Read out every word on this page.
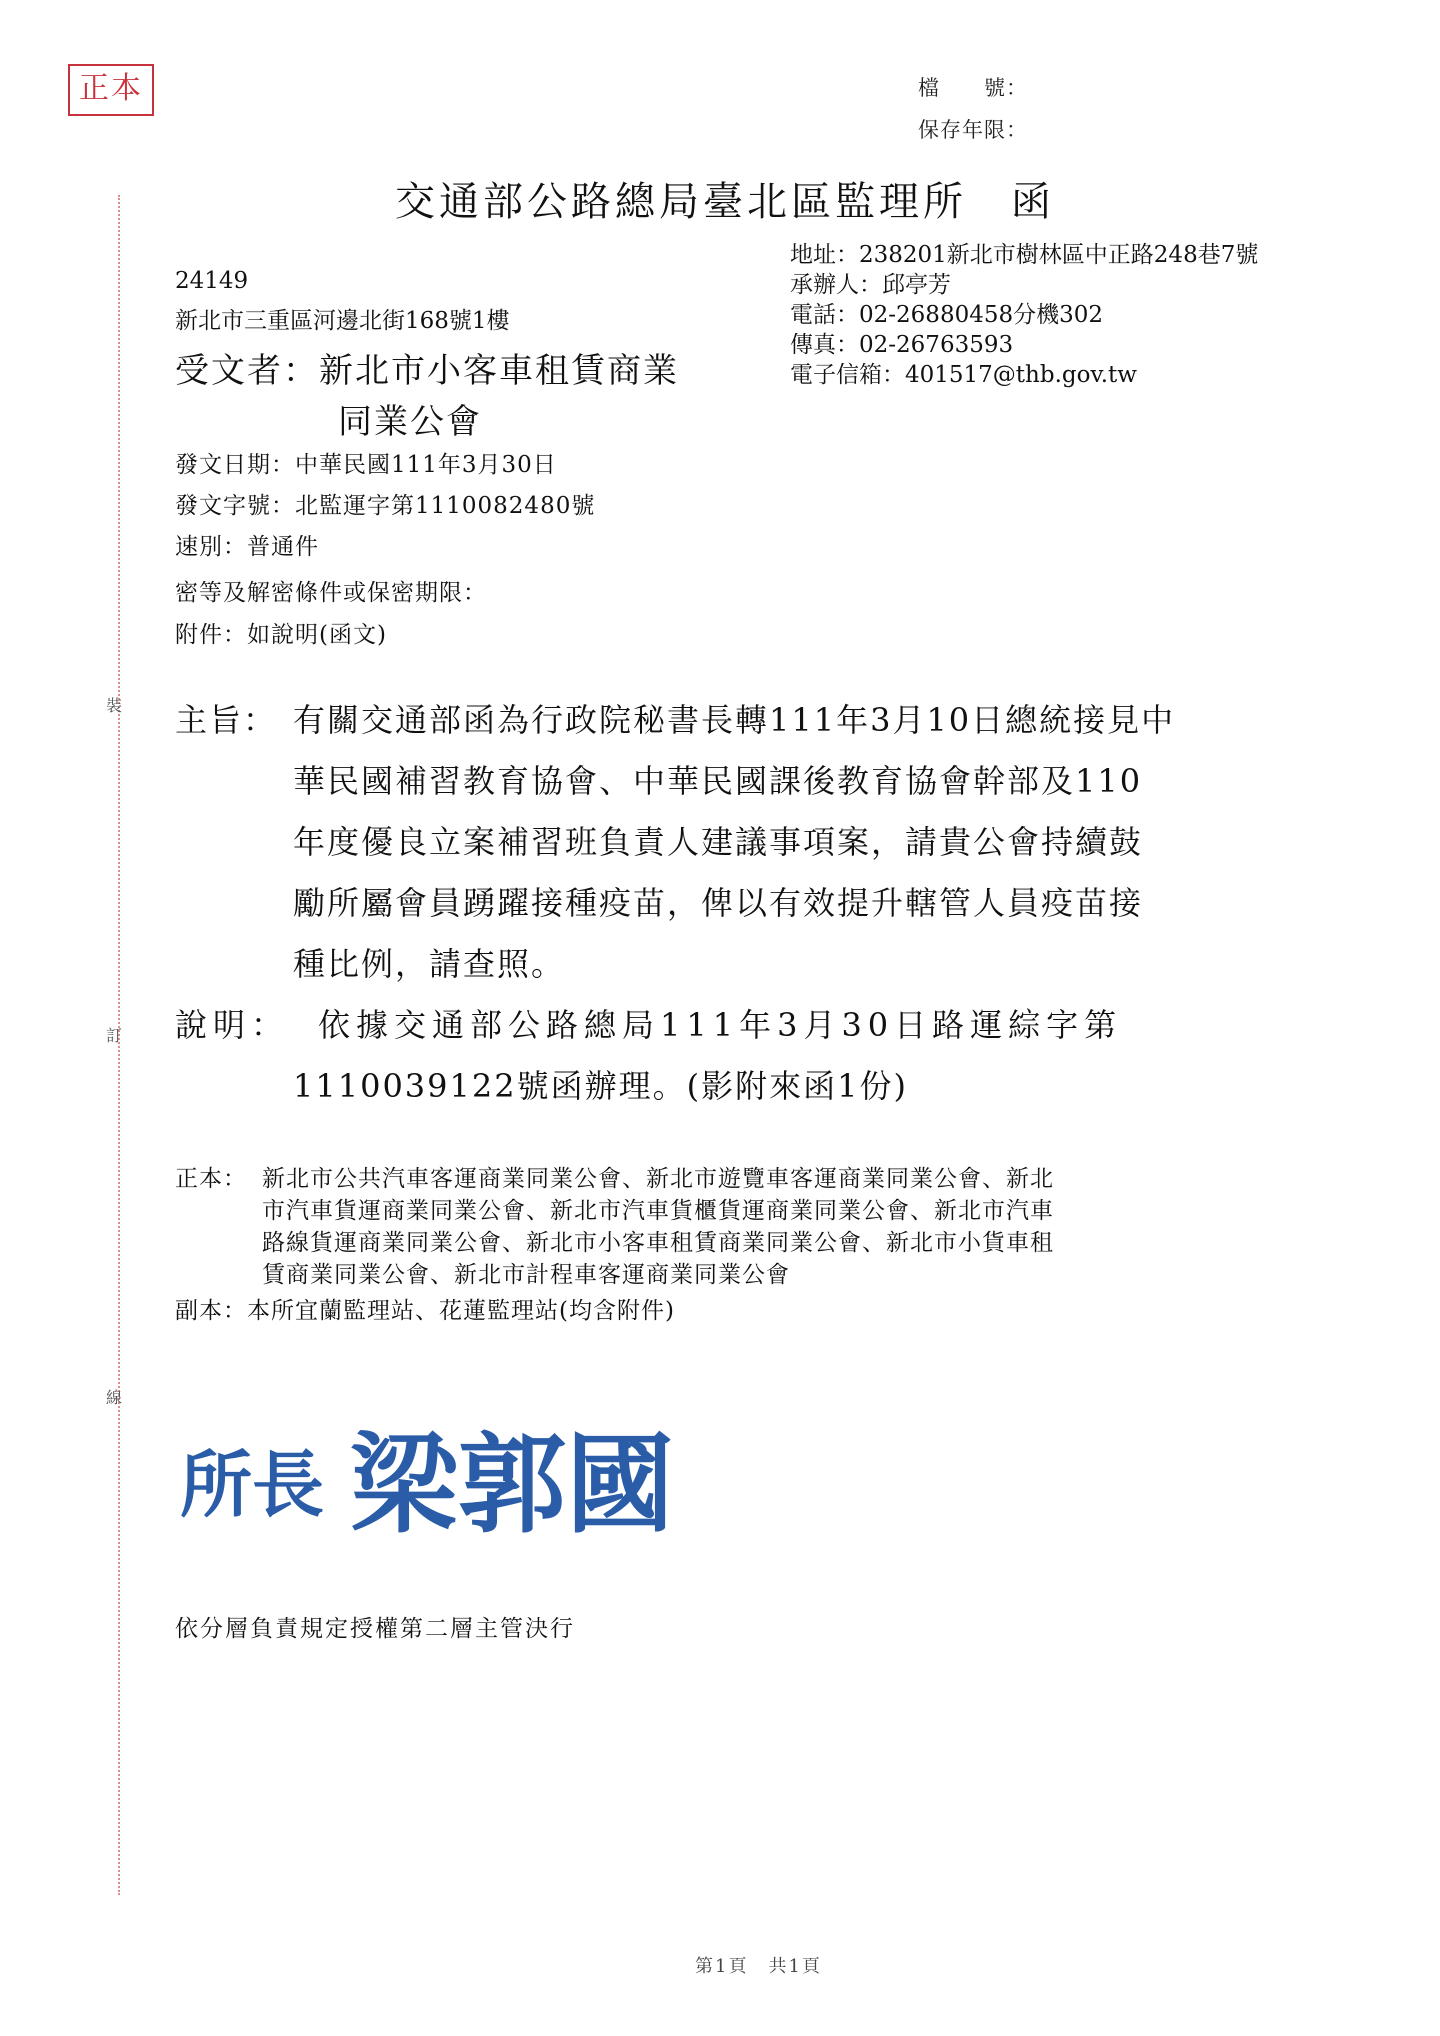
正本	檔　　號：
保存年限：
交通部公路總局臺北區監理所　函
地址：238201新北市樹林區中正路248巷7號
承辦人：邱亭芳
電話：02-26880458分機302
傳真：02-26763593
電子信箱：401517@thb.gov.tw
24149
新北市三重區河邊北街168號1樓
受文者：新北市小客車租賃商業
同業公會
發文日期：中華民國111年3月30日
發文字號：北監運字第1110082480號
速別：普通件
密等及解密條件或保密期限：
附件：如說明(函文)
主旨： 有關交通部函為行政院秘書長轉111年3月10日總統接見中
華民國補習教育協會、中華民國課後教育協會幹部及110
年度優良立案補習班負責人建議事項案，請貴公會持續鼓
勵所屬會員踴躍接種疫苗，俾以有效提升轄管人員疫苗接
種比例，請查照。
說明： 依據交通部公路總局111年3月30日路運綜字第
1110039122號函辦理。(影附來函1份)
正本： 新北市公共汽車客運商業同業公會、新北市遊覽車客運商業同業公會、新北
市汽車貨運商業同業公會、新北市汽車貨櫃貨運商業同業公會、新北市汽車
路線貨運商業同業公會、新北市小客車租賃商業同業公會、新北市小貨車租
賃商業同業公會、新北市計程車客運商業同業公會
副本：本所宜蘭監理站、花蓮監理站(均含附件)
裝
訂
線
所長 梁郭國
依分層負責規定授權第二層主管決行
第1頁　共1頁
